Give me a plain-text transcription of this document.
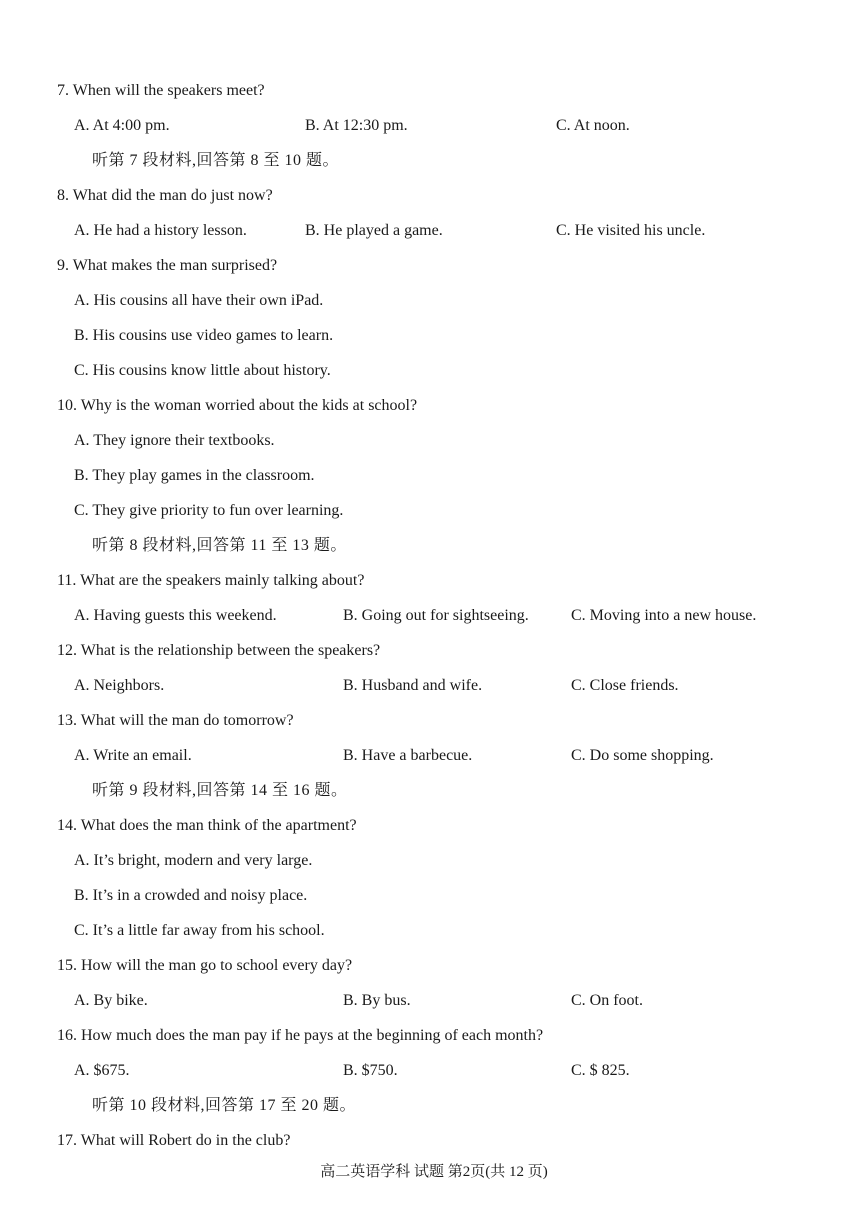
7. When will the speakers meet?
A. At 4:00 pm.	B. At 12:30 pm.	C. At noon.
听第 7 段材料,回答第 8 至 10 题。
8. What did the man do just now?
A. He had a history lesson.	B. He played a game.	C. He visited his uncle.
9. What makes the man surprised?
A. His cousins all have their own iPad.
B. His cousins use video games to learn.
C. His cousins know little about history.
10. Why is the woman worried about the kids at school?
A. They ignore their textbooks.
B. They play games in the classroom.
C. They give priority to fun over learning.
听第 8 段材料,回答第 11 至 13 题。
11. What are the speakers mainly talking about?
A. Having guests this weekend.	B. Going out for sightseeing.	C. Moving into a new house.
12. What is the relationship between the speakers?
A. Neighbors.	B. Husband and wife.	C. Close friends.
13. What will the man do tomorrow?
A. Write an email.	B. Have a barbecue.	C. Do some shopping.
听第 9 段材料,回答第 14 至 16 题。
14. What does the man think of the apartment?
A. It’s bright, modern and very large.
B. It’s in a crowded and noisy place.
C. It’s a little far away from his school.
15. How will the man go to school every day?
A. By bike.	B. By bus.	C. On foot.
16. How much does the man pay if he pays at the beginning of each month?
A. $675.	B. $750.	C. $ 825.
听第 10 段材料,回答第 17 至 20 题。
17. What will Robert do in the club?
高二英语学科 试题 第2页(共 12 页)
